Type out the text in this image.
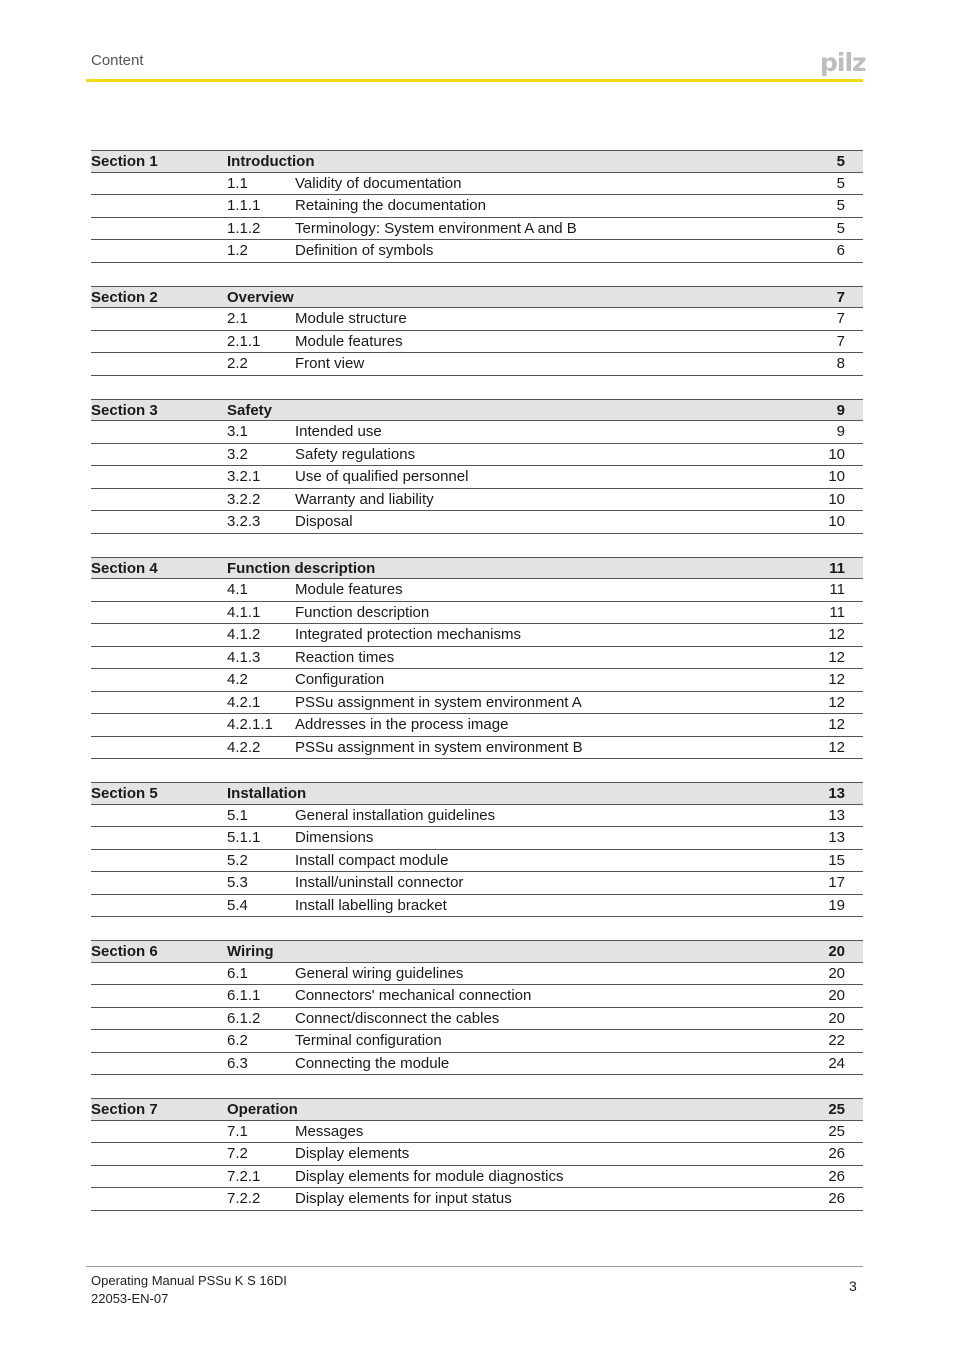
Content	pilz
Section 1	Introduction	5
1.1	Validity of documentation	5
1.1.1 Retaining the documentation	5
1.1.2 Terminology: System environment A and B	5
1.2	Definition of symbols	6
Section 2	Overview	7
2.1	Module structure	7
2.1.1 Module features	7
2.2	Front view	8
Section 3	Safety	9
3.1	Intended use	9
3.2	Safety regulations	10
3.2.1 Use of qualified personnel	10
3.2.2 Warranty and liability	10
3.2.3 Disposal	10
Section 4	Function description	11
4.1	Module features	11
4.1.1 Function description	11
4.1.2 Integrated protection mechanisms	12
4.1.3 Reaction times	12
4.2	Configuration	12
4.2.1 PSSu assignment in system environment A	12
4.2.1.1 Addresses in the process image	12
4.2.2 PSSu assignment in system environment B	12
Section 5	Installation	13
5.1	General installation guidelines	13
5.1.1 Dimensions	13
5.2	Install compact module	15
5.3	Install/uninstall connector	17
5.4	Install labelling bracket	19
Section 6	Wiring	20
6.1	General wiring guidelines	20
6.1.1 Connectors' mechanical connection	20
6.1.2 Connect/disconnect the cables	20
6.2	Terminal configuration	22
6.3	Connecting the module	24
Section 7	Operation	25
7.1	Messages	25
7.2	Display elements	26
7.2.1 Display elements for module diagnostics	26
7.2.2 Display elements for input status	26
Operating Manual PSSu K S 16DI
22053-EN-07
3
